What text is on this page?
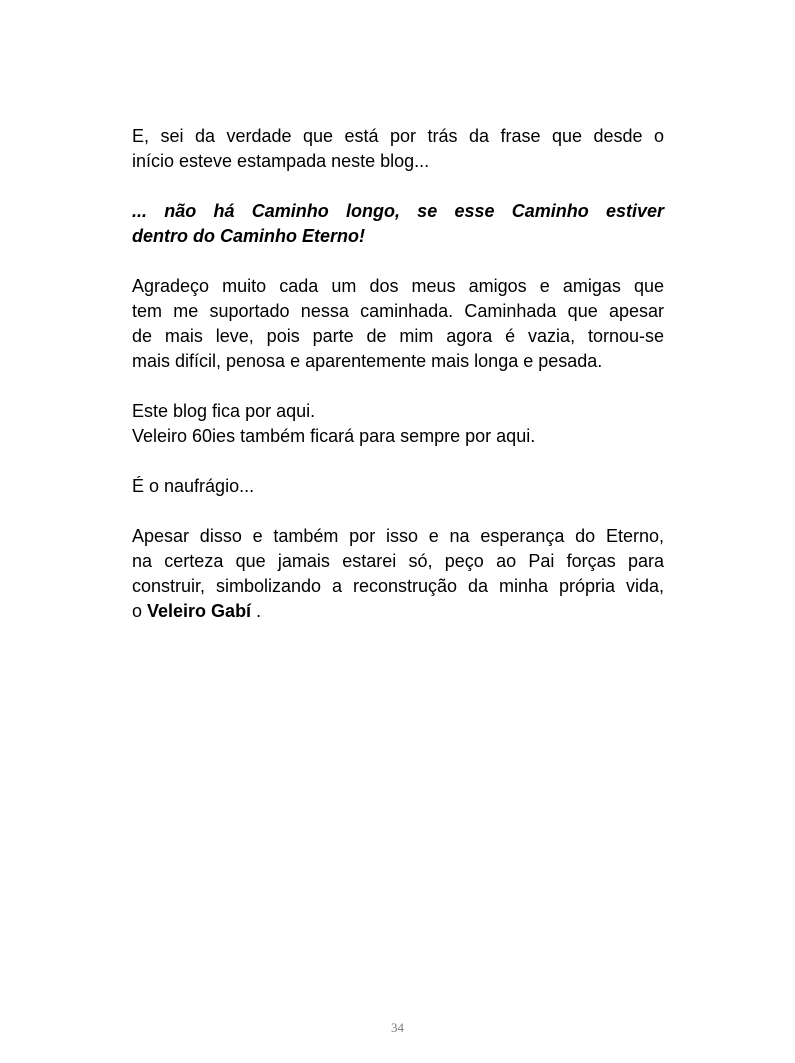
E, sei da verdade que está por trás da frase que desde o
início esteve estampada neste blog...

... não há Caminho longo, se esse Caminho estiver
dentro do Caminho Eterno!

Agradeço muito cada um dos meus amigos e amigas que
tem me suportado nessa caminhada. Caminhada que apesar
de mais leve, pois parte de mim agora é vazia, tornou-se
mais difícil, penosa e aparentemente mais longa e pesada.

Este blog fica por aqui.
Veleiro 60ies também ficará para sempre por aqui.

É o naufrágio...

Apesar disso e também por isso e na esperança do Eterno,
na certeza que jamais estarei só, peço ao Pai forças para
construir, simbolizando a reconstrução da minha própria vida,
o Veleiro Gabí .

34
